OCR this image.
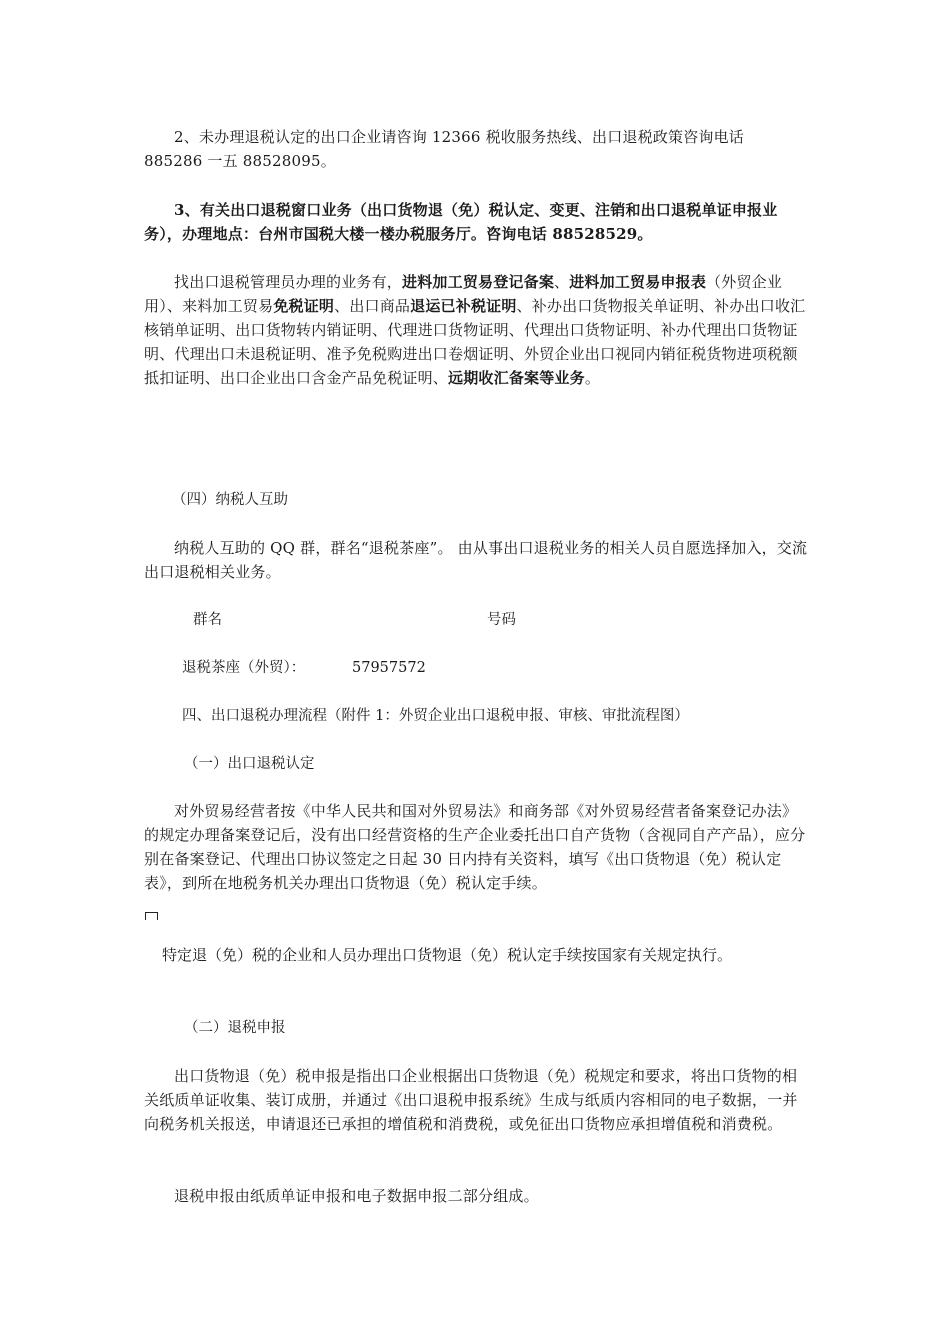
2、未办理退税认定的出口企业请咨询 12366 税收服务热线、出口退税政策咨询电话
885286 一五 88528095。

3、有关出口退税窗口业务（出口货物退（免）税认定、变更、注销和出口退税单证申报业务），办理地点：台州市国税大楼一楼办税服务厅。咨询电话 88528529。

找出口退税管理员办理的业务有，进料加工贸易登记备案、进料加工贸易申报表（外贸企业用）、来料加工贸易免税证明、出口商品退运已补税证明、补办出口货物报关单证明、补办出口收汇核销单证明、出口货物转内销证明、代理进口货物证明、代理出口货物证明、补办代理出口货物证明、代理出口未退税证明、准予免税购进出口卷烟证明、外贸企业出口视同内销征税货物进项税额抵扣证明、出口企业出口含金产品免税证明、远期收汇备案等业务。

（四）纳税人互助

纳税人互助的 QQ 群，群名“退税茶座”。 由从事出口退税业务的相关人员自愿选择加入，交流出口退税相关业务。

群名	号码

退税茶座（外贸）：	57957572

四、出口退税办理流程（附件 1：外贸企业出口退税申报、审核、审批流程图）

（一）出口退税认定

对外贸易经营者按《中华人民共和国对外贸易法》和商务部《对外贸易经营者备案登记办法》的规定办理备案登记后，没有出口经营资格的生产企业委托出口自产货物（含视同自产产品），应分别在备案登记、代理出口协议签定之日起 30 日内持有关资料，填写《出口货物退（免）税认定表》，到所在地税务机关办理出口货物退（免）税认定手续。

特定退（免）税的企业和人员办理出口货物退（免）税认定手续按国家有关规定执行。

（二）退税申报

出口货物退（免）税申报是指出口企业根据出口货物退（免）税规定和要求，将出口货物的相关纸质单证收集、装订成册，并通过《出口退税申报系统》生成与纸质内容相同的电子数据，一并向税务机关报送，申请退还已承担的增值税和消费税，或免征出口货物应承担增值税和消费税。

退税申报由纸质单证申报和电子数据申报二部分组成。
